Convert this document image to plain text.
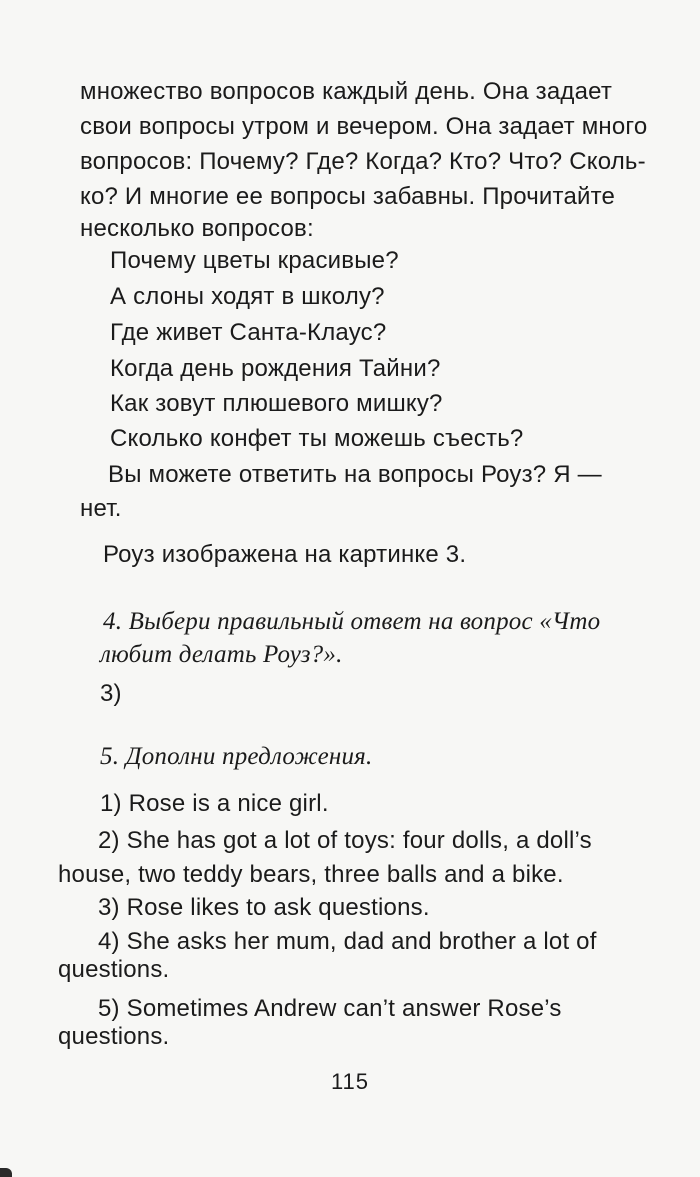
множество вопросов каждый день. Она задает
свои вопросы утром и вечером. Она задает много
вопросов: Почему? Где? Когда? Кто? Что? Сколь-
ко? И многие ее вопросы забавны. Прочитайте
несколько вопросов:
Почему цветы красивые?
А слоны ходят в школу?
Где живет Санта-Клаус?
Когда день рождения Тайни?
Как зовут плюшевого мишку?
Сколько конфет ты можешь съесть?
Вы можете ответить на вопросы Роуз? Я —
нет.
Роуз изображена на картинке 3.
4. Выбери правильный ответ на вопрос «Что
любит делать Роуз?».
3)
5. Дополни предложения.
1) Rose is a nice girl.
2) She has got a lot of toys: four dolls, a doll’s
house, two teddy bears, three balls and a bike.
3) Rose likes to ask questions.
4) She asks her mum, dad and brother a lot of
questions.
5) Sometimes Andrew can’t answer Rose’s
questions.
115
